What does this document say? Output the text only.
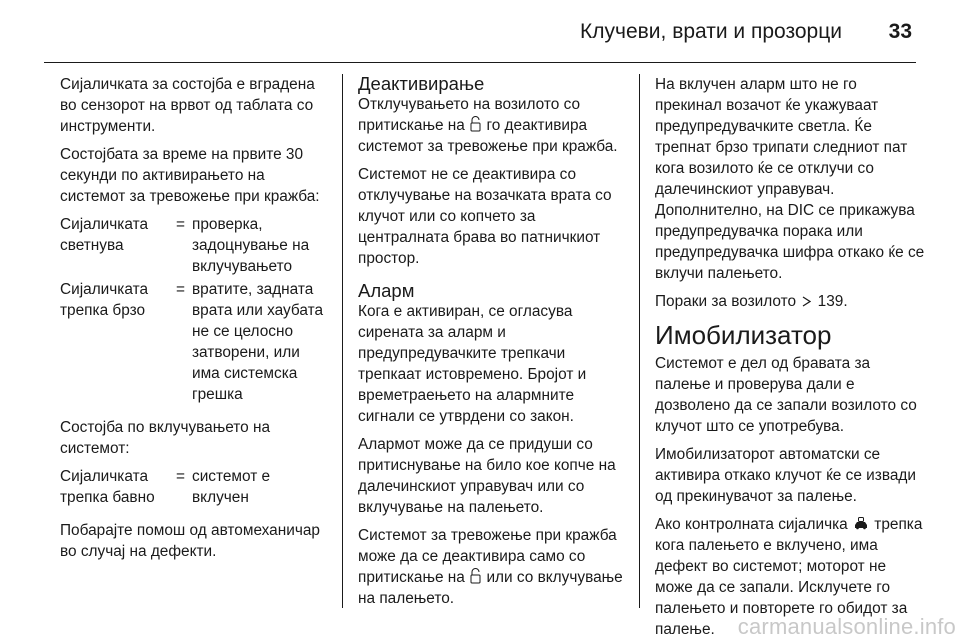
Клучеви, врати и прозорци 33

Сијаличката за состојба е вградена во сензорот на врвот од таблата со инструменти.

Состојбата за време на првите 30 секунди по активирањето на системот за тревожење при кражба:

Сијаличката светнува
= проверка, задоцнување на вклучувањето
Сијаличката трепка брзо
= вратите, задната врата или хаубата не се целосно затворени, или има системска грешка

Состојба по вклучувањето на системот:

Сијаличката трепка бавно
= системот е вклучен

Побарајте помош од автомеханичар во случај на дефекти.

Деактивирање

Отклучувањето на возилото со притискање на го деактивира системот за тревожење при кражба.

Системот не се деактивира со отклучување на возачката врата со клучот или со копчето за централната брава во патничкиот простор.

Аларм

Кога е активиран, се огласува сирената за аларм и предупредувачките трепкачи трепкаат истовремено. Бројот и времетраењето на алармните сигнали се утврдени со закон.

Алармот може да се придуши со притиснување на било кое копче на далечинскиот управувач или со вклучување на палењето.

Системот за тревожење при кражба може да се деактивира само со притискање на или со вклучување на палењето.

На вклучен аларм што не го прекинал возачот ќе укажуваат предупредувачките светла. Ќе трепнат брзо трипати следниот пат кога возилото ќе се отклучи со далечинскиот управувач. Дополнително, на DIC се прикажува предупредувачка порака или предупредувачка шифра откако ќе се вклучи палењето.

Пораки за возилото 139.

Имобилизатор

Системот е дел од бравата за палење и проверува дали е дозволено да се запали возилото со клучот што се употребува.

Имобилизаторот автоматски се активира откако клучот ќе се извади од прекинувачот за палење.

Ако контролната сијаличка трепка кога палењето е вклучено, има дефект во системот; моторот не може да се запали. Исклучете го палењето и повторете го обидот за палење.	carmanualsonline.info
